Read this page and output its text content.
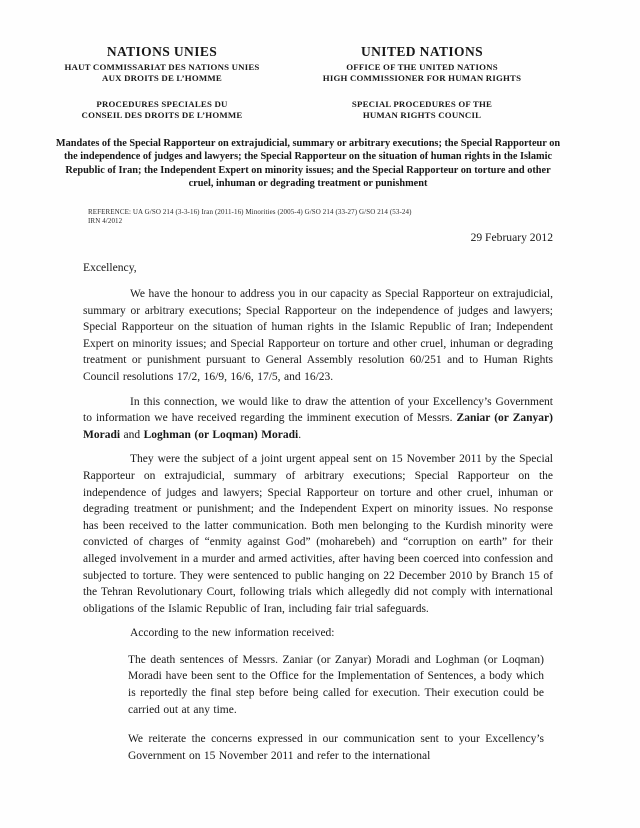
NATIONS UNIES
HAUT COMMISSARIAT DES NATIONS UNIES
AUX DROITS DE L’HOMME
PROCEDURES SPECIALES DU
CONSEIL DES DROITS DE L’HOMME
UNITED NATIONS
OFFICE OF THE UNITED NATIONS
HIGH COMMISSIONER FOR HUMAN RIGHTS
SPECIAL PROCEDURES OF THE
HUMAN RIGHTS COUNCIL
Mandates of the Special Rapporteur on extrajudicial, summary or arbitrary executions; the Special Rapporteur on the independence of judges and lawyers; the Special Rapporteur on the situation of human rights in the Islamic Republic of Iran; the Independent Expert on minority issues; and the Special Rapporteur on torture and other cruel, inhuman or degrading treatment or punishment
REFERENCE: UA G/SO 214 (3-3-16) Iran (2011-16) Minorities (2005-4) G/SO 214 (33-27) G/SO 214 (53-24)
IRN 4/2012
29 February 2012
Excellency,

We have the honour to address you in our capacity as Special Rapporteur on extrajudicial, summary or arbitrary executions; Special Rapporteur on the independence of judges and lawyers; Special Rapporteur on the situation of human rights in the Islamic Republic of Iran; Independent Expert on minority issues; and Special Rapporteur on torture and other cruel, inhuman or degrading treatment or punishment pursuant to General Assembly resolution 60/251 and to Human Rights Council resolutions 17/2, 16/9, 16/6, 17/5, and 16/23.

In this connection, we would like to draw the attention of your Excellency’s Government to information we have received regarding the imminent execution of Messrs. Zaniar (or Zanyar) Moradi and Loghman (or Loqman) Moradi.

They were the subject of a joint urgent appeal sent on 15 November 2011 by the Special Rapporteur on extrajudicial, summary of arbitrary executions; Special Rapporteur on the independence of judges and lawyers; Special Rapporteur on torture and other cruel, inhuman or degrading treatment or punishment; and the Independent Expert on minority issues. No response has been received to the latter communication. Both men belonging to the Kurdish minority were convicted of charges of “enmity against God” (moharebeh) and “corruption on earth” for their alleged involvement in a murder and armed activities, after having been coerced into confession and subjected to torture. They were sentenced to public hanging on 22 December 2010 by Branch 15 of the Tehran Revolutionary Court, following trials which allegedly did not comply with international obligations of the Islamic Republic of Iran, including fair trial safeguards.

According to the new information received:

The death sentences of Messrs. Zaniar (or Zanyar) Moradi and Loghman (or Loqman) Moradi have been sent to the Office for the Implementation of Sentences, a body which is reportedly the final step before being called for execution. Their execution could be carried out at any time.

We reiterate the concerns expressed in our communication sent to your Excellency’s Government on 15 November 2011 and refer to the international
